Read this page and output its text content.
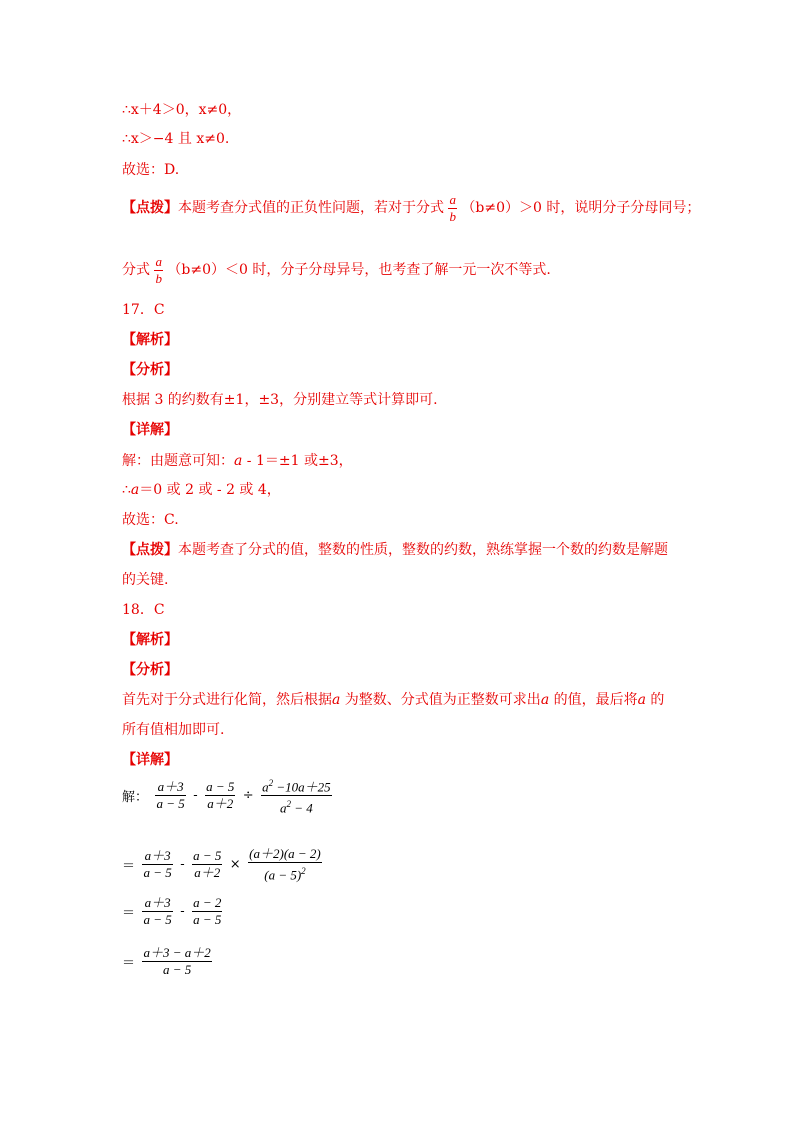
∴x＋4＞0，x≠0，
∴x＞−4 且 x≠0.
故选：D.
【点拨】本题考查分式值的正负性问题，若对于分式 $\frac{a}{b} (b\ne 0)>0$ 时，说明分子分母同号；
分式 $\frac{a}{b} (b\ne 0)<0$ 时，分子分母异号，也考查了解一元一次不等式.
17．C
【解析】
【分析】
根据 3 的约数有±1，±3，分别建立等式计算即可.
【详解】
解：由题意可知：a - 1＝±1 或±3，
∴a＝0 或 2 或 - 2 或 4，
故选：C.
【点拨】本题考查了分式的值，整数的性质，整数的约数，熟练掌握一个数的约数是解题
的关键.
18．C
【解析】
【分析】
首先对于分式进行化简，然后根据a 为整数、分式值为正整数可求出a 的值，最后将a 的
所有值相加即可.
【详解】
解： $\frac{a+3}{a - 5} - \frac{a - 5}{a+2} \div \frac{a^2 -10a+25}{a^2 - 4}$
＝ $\frac{a+3}{a - 5} - \frac{a - 5}{a+2} \times \frac{(a+2)(a - 2)}{(a - 5)^2}$
＝ $\frac{a+3}{a - 5} - \frac{a - 2}{a - 5}$
＝ $\frac{a+3 - a+2}{a - 5}$
